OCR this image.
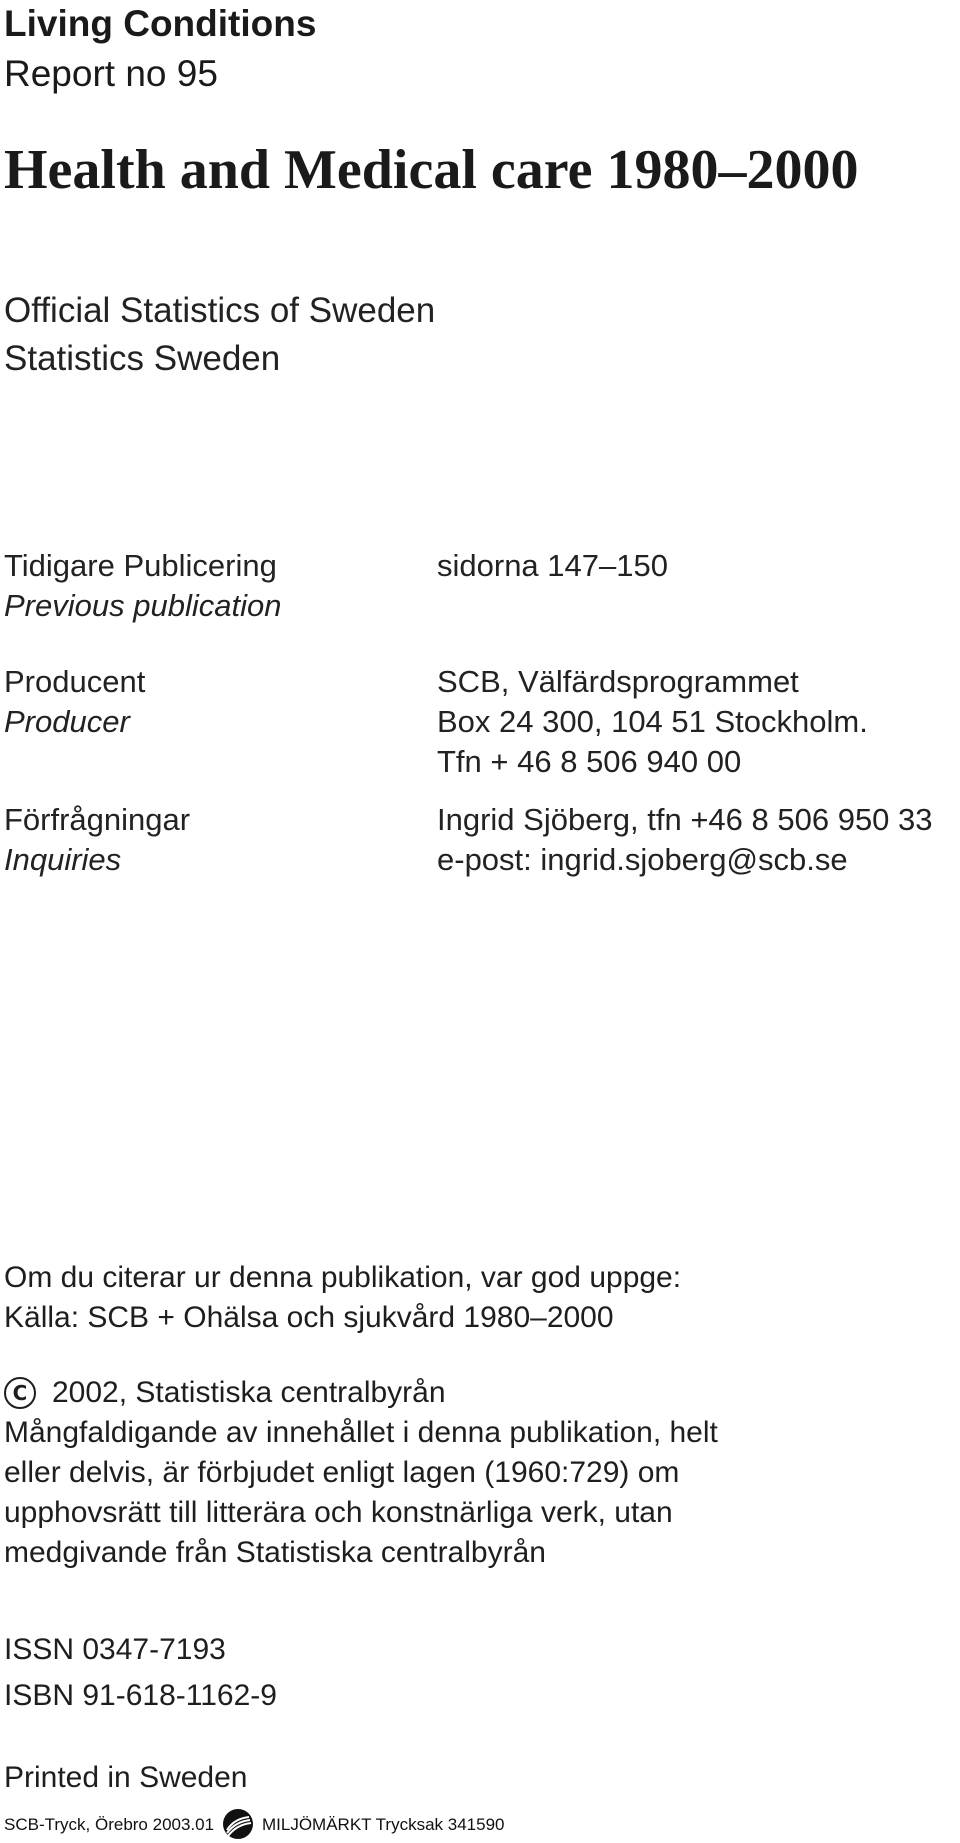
Living Conditions
Report no 95
Health and Medical care 1980–2000
Official Statistics of Sweden
Statistics Sweden
Tidigare Publicering
Previous publication
sidorna 147–150
Producent
Producer
SCB, Välfärdsprogrammet
Box 24 300, 104 51 Stockholm.
Tfn + 46 8 506 940 00
Förfrågningar
Inquiries
Ingrid Sjöberg, tfn +46 8 506 950 33
e-post: ingrid.sjoberg@scb.se
Om du citerar ur denna publikation, var god uppge:
Källa: SCB + Ohälsa och sjukvård 1980–2000
C 2002, Statistiska centralbyrån
Mångfaldigande av innehållet i denna publikation, helt
eller delvis, är förbjudet enligt lagen (1960:729) om
upphovsrätt till litterära och konstnärliga verk, utan
medgivande från Statistiska centralbyrån
ISSN 0347-7193
ISBN 91-618-1162-9
Printed in Sweden
SCB-Tryck, Örebro 2003.01	MILJÖMÄRKT Trycksak 341590
